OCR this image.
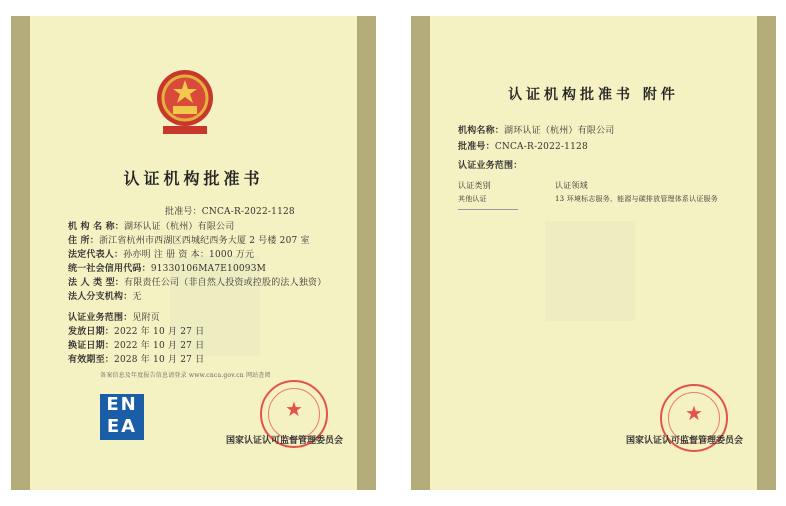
认证机构批准书
批准号：CNCA-R-2022-1128
机 构 名 称：湖环认证（杭州）有限公司
住 所：浙江省杭州市西湖区西城纪西务大厦 2 号楼 207 室
法定代表人：孙亦明 注 册 资 本：1000 万元
统一社会信用代码：91330106MA7E10093M
法 人 类 型：有限责任公司（非自然人投资或控股的法人独资）
法人分支机构：无
认证业务范围：见附页
发放日期：2022 年 10 月 27 日
换证日期：2022 年 10 月 27 日
有效期至：2028 年 10 月 27 日
备案信息及年度报告信息请登录 www.cnca.gov.cn 网站查阅
EN EA
★
国家认证认可监督管理委员会
认证机构批准书 附件
机构名称：湖环认证（杭州）有限公司
批准号：CNCA-R-2022-1128
认证业务范围：
认证类别	认证领域
其他认证	13 环境标志服务、能源与碳排放管理体系认证服务
★
国家认证认可监督管理委员会
